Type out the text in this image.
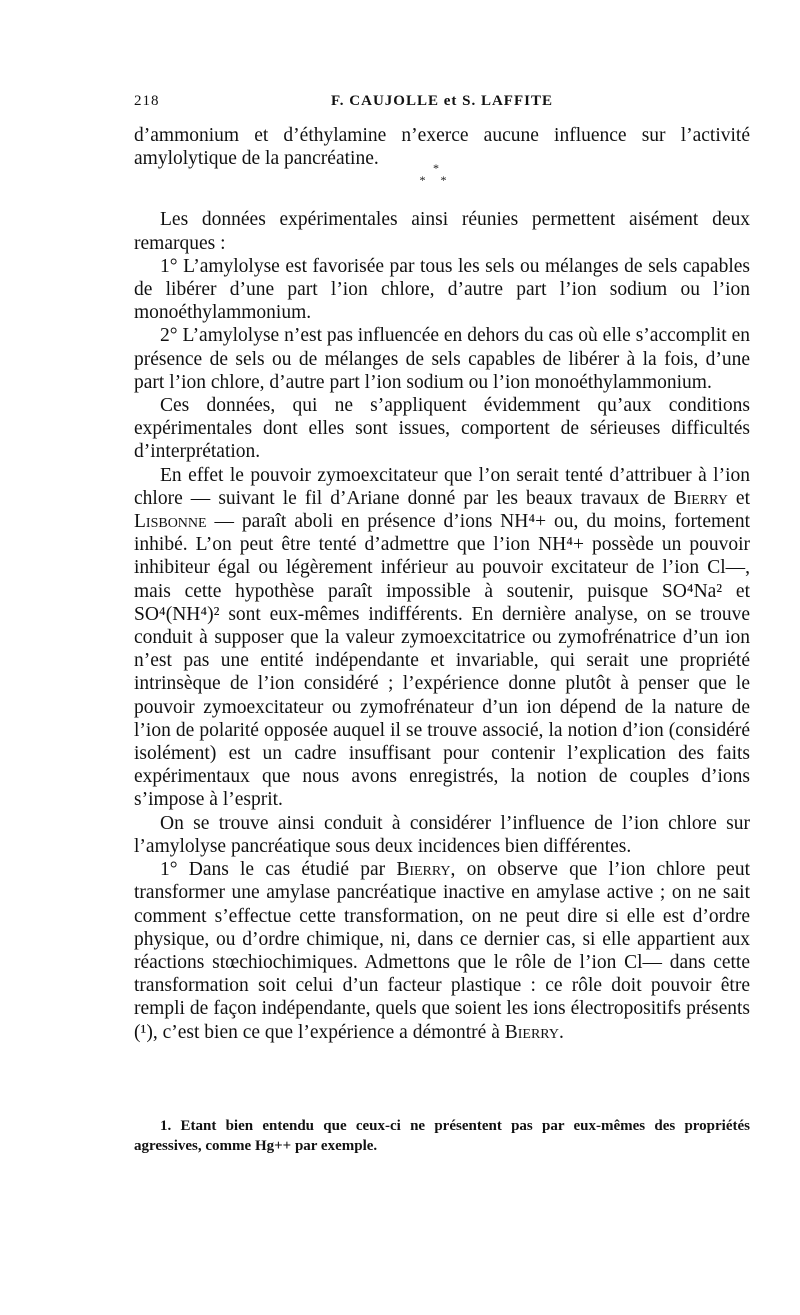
218	F. CAUJOLLE et S. LAFFITE
*
* *

d’ammonium et d’éthylamine n’exerce aucune influence sur l’activité amylolytique de la pancréatine.

Les données expérimentales ainsi réunies permettent aisément deux remarques :

1° L’amylolyse est favorisée par tous les sels ou mélanges de sels capables de libérer d’une part l’ion chlore, d’autre part l’ion sodium ou l’ion monoéthylammonium.

2° L’amylolyse n’est pas influencée en dehors du cas où elle s’accomplit en présence de sels ou de mélanges de sels capables de libérer à la fois, d’une part l’ion chlore, d’autre part l’ion sodium ou l’ion monoéthylammonium.

Ces données, qui ne s’appliquent évidemment qu’aux conditions expérimentales dont elles sont issues, comportent de sérieuses difficultés d’interprétation.

En effet le pouvoir zymoexcitateur que l’on serait tenté d’attribuer à l’ion chlore — suivant le fil d’Ariane donné par les beaux travaux de Bierry et Lisbonne — paraît aboli en présence d’ions NH⁴+ ou, du moins, fortement inhibé. L’on peut être tenté d’admettre que l’ion NH⁴+ possède un pouvoir inhibiteur égal ou légèrement inférieur au pouvoir excitateur de l’ion Cl—, mais cette hypothèse paraît impossible à soutenir, puisque SO⁴Na² et SO⁴(NH⁴)² sont eux-mêmes indifférents. En dernière analyse, on se trouve conduit à supposer que la valeur zymoexcitatrice ou zymofrénatrice d’un ion n’est pas une entité indépendante et invariable, qui serait une propriété intrinsèque de l’ion considéré ; l’expérience donne plutôt à penser que le pouvoir zymoexcitateur ou zymofrénateur d’un ion dépend de la nature de l’ion de polarité opposée auquel il se trouve associé, la notion d’ion (considéré isolément) est un cadre insuffisant pour contenir l’explication des faits expérimentaux que nous avons enregistrés, la notion de couples d’ions s’impose à l’esprit.

On se trouve ainsi conduit à considérer l’influence de l’ion chlore sur l’amylolyse pancréatique sous deux incidences bien différentes.

1° Dans le cas étudié par Bierry, on observe que l’ion chlore peut transformer une amylase pancréatique inactive en amylase active ; on ne sait comment s’effectue cette transformation, on ne peut dire si elle est d’ordre physique, ou d’ordre chimique, ni, dans ce dernier cas, si elle appartient aux réactions stœchiochimiques. Admettons que le rôle de l’ion Cl— dans cette transformation soit celui d’un facteur plastique : ce rôle doit pouvoir être rempli de façon indépendante, quels que soient les ions électropositifs présents (¹), c’est bien ce que l’expérience a démontré à Bierry.

1. Etant bien entendu que ceux-ci ne présentent pas par eux-mêmes des propriétés agressives, comme Hg++ par exemple.
